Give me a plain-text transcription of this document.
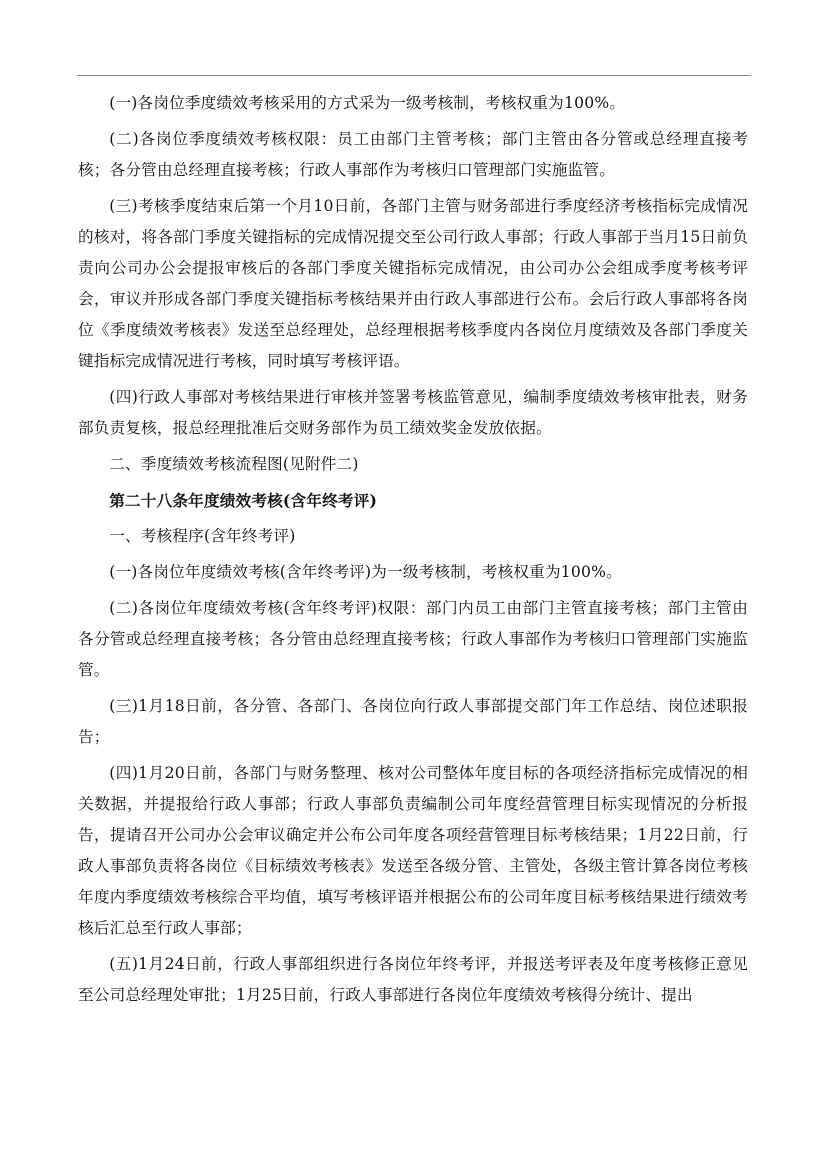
(一)各岗位季度绩效考核采用的方式采为一级考核制，考核权重为100%。

(二)各岗位季度绩效考核权限：员工由部门主管考核；部门主管由各分管或总经理直接考核；各分管由总经理直接考核；行政人事部作为考核归口管理部门实施监管。

(三)考核季度结束后第一个月10日前，各部门主管与财务部进行季度经济考核指标完成情况的核对，将各部门季度关键指标的完成情况提交至公司行政人事部；行政人事部于当月15日前负责向公司办公会提报审核后的各部门季度关键指标完成情况，由公司办公会组成季度考核考评会，审议并形成各部门季度关键指标考核结果并由行政人事部进行公布。会后行政人事部将各岗位《季度绩效考核表》发送至总经理处，总经理根据考核季度内各岗位月度绩效及各部门季度关键指标完成情况进行考核，同时填写考核评语。

(四)行政人事部对考核结果进行审核并签署考核监管意见，编制季度绩效考核审批表，财务部负责复核，报总经理批准后交财务部作为员工绩效奖金发放依据。

二、季度绩效考核流程图(见附件二)

第二十八条年度绩效考核(含年终考评)

一、考核程序(含年终考评)

(一)各岗位年度绩效考核(含年终考评)为一级考核制，考核权重为100%。

(二)各岗位年度绩效考核(含年终考评)权限：部门内员工由部门主管直接考核；部门主管由各分管或总经理直接考核；各分管由总经理直接考核；行政人事部作为考核归口管理部门实施监管。

(三)1月18日前，各分管、各部门、各岗位向行政人事部提交部门年工作总结、岗位述职报告；

(四)1月20日前，各部门与财务整理、核对公司整体年度目标的各项经济指标完成情况的相关数据，并提报给行政人事部；行政人事部负责编制公司年度经营管理目标实现情况的分析报告，提请召开公司办公会审议确定并公布公司年度各项经营管理目标考核结果；1月22日前，行政人事部负责将各岗位《目标绩效考核表》发送至各级分管、主管处，各级主管计算各岗位考核年度内季度绩效考核综合平均值，填写考核评语并根据公布的公司年度目标考核结果进行绩效考核后汇总至行政人事部；

(五)1月24日前，行政人事部组织进行各岗位年终考评，并报送考评表及年度考核修正意见至公司总经理处审批；1月25日前，行政人事部进行各岗位年度绩效考核得分统计、提出
